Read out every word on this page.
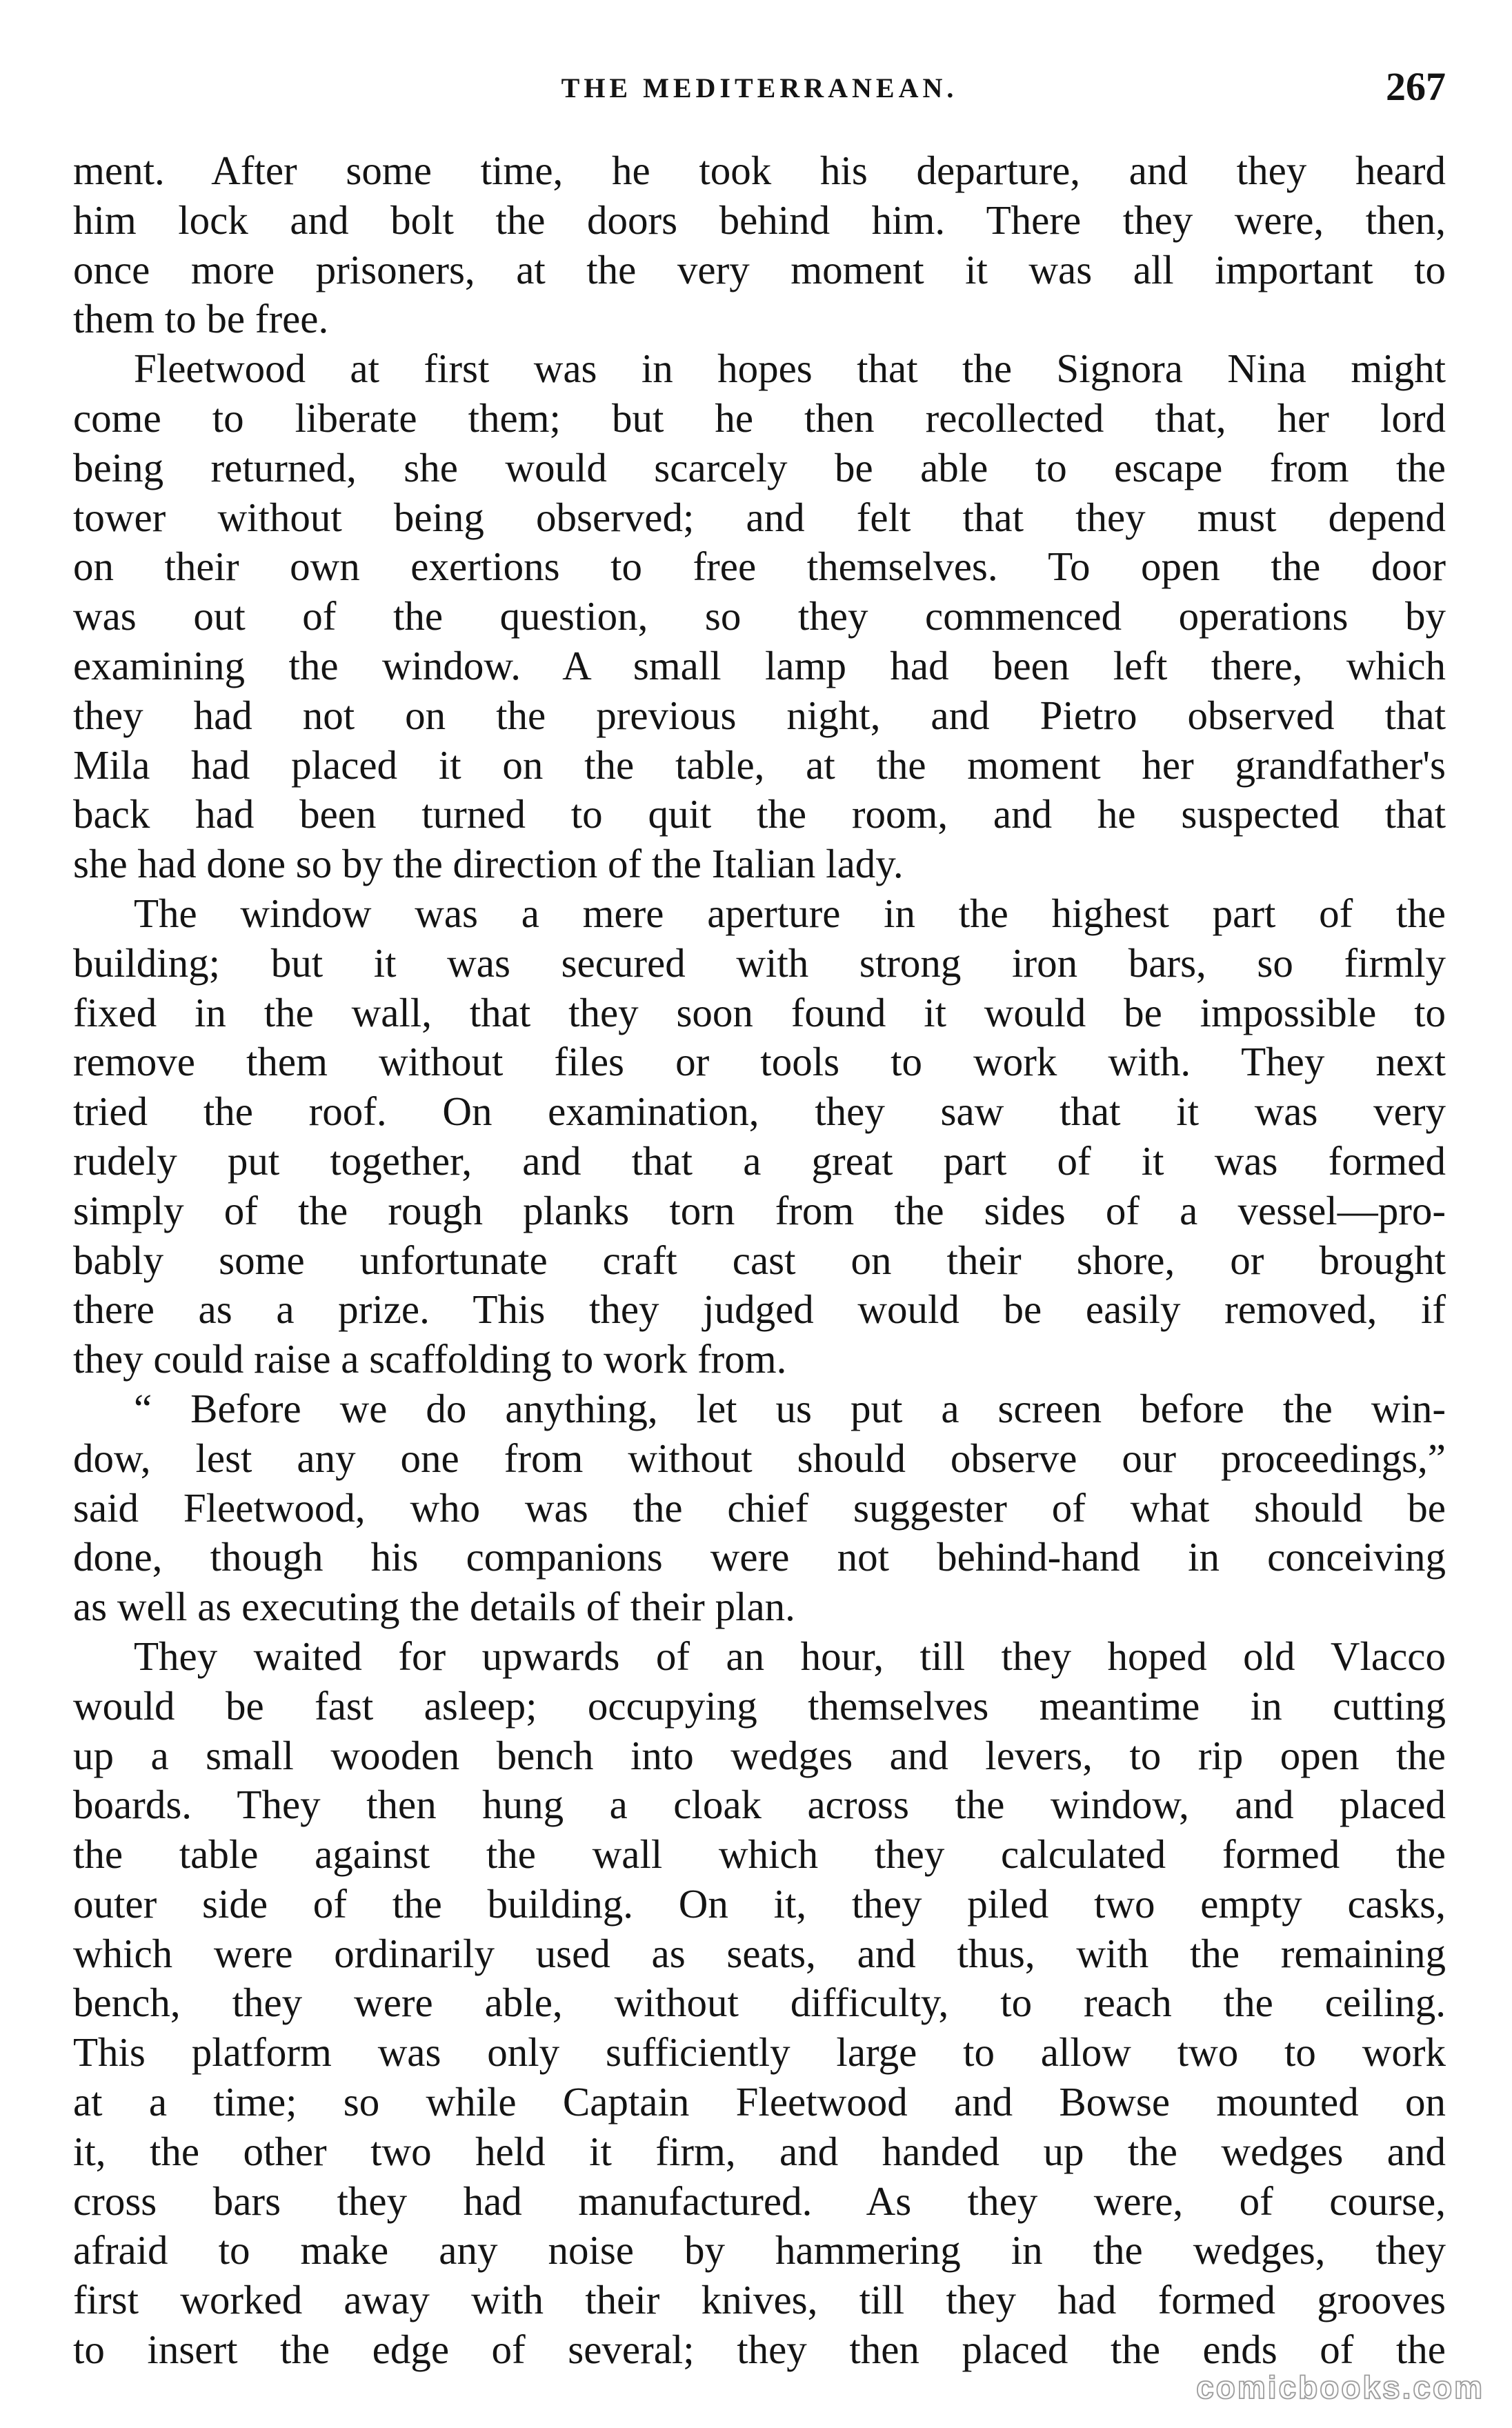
THE MEDITERRANEAN.	267
ment. After some time, he took his departure, and they heard
him lock and bolt the doors behind him. There they were, then,
once more prisoners, at the very moment it was all important to
them to be free.
Fleetwood at first was in hopes that the Signora Nina might
come to liberate them; but he then recollected that, her lord
being returned, she would scarcely be able to escape from the
tower without being observed; and felt that they must depend
on their own exertions to free themselves. To open the door
was out of the question, so they commenced operations by
examining the window. A small lamp had been left there, which
they had not on the previous night, and Pietro observed that
Mila had placed it on the table, at the moment her grandfather's
back had been turned to quit the room, and he suspected that
she had done so by the direction of the Italian lady.
The window was a mere aperture in the highest part of the
building; but it was secured with strong iron bars, so firmly
fixed in the wall, that they soon found it would be impossible to
remove them without files or tools to work with. They next
tried the roof. On examination, they saw that it was very
rudely put together, and that a great part of it was formed
simply of the rough planks torn from the sides of a vessel—pro-
bably some unfortunate craft cast on their shore, or brought
there as a prize. This they judged would be easily removed, if
they could raise a scaffolding to work from.
“ Before we do anything, let us put a screen before the win-
dow, lest any one from without should observe our proceedings,”
said Fleetwood, who was the chief suggester of what should be
done, though his companions were not behind-hand in conceiving
as well as executing the details of their plan.
They waited for upwards of an hour, till they hoped old Vlacco
would be fast asleep; occupying themselves meantime in cutting
up a small wooden bench into wedges and levers, to rip open the
boards. They then hung a cloak across the window, and placed
the table against the wall which they calculated formed the
outer side of the building. On it, they piled two empty casks,
which were ordinarily used as seats, and thus, with the remaining
bench, they were able, without difficulty, to reach the ceiling.
This platform was only sufficiently large to allow two to work
at a time; so while Captain Fleetwood and Bowse mounted on
it, the other two held it firm, and handed up the wedges and
cross bars they had manufactured. As they were, of course,
afraid to make any noise by hammering in the wedges, they
first worked away with their knives, till they had formed grooves
to insert the edge of several; they then placed the ends of the
comicbooks.com
